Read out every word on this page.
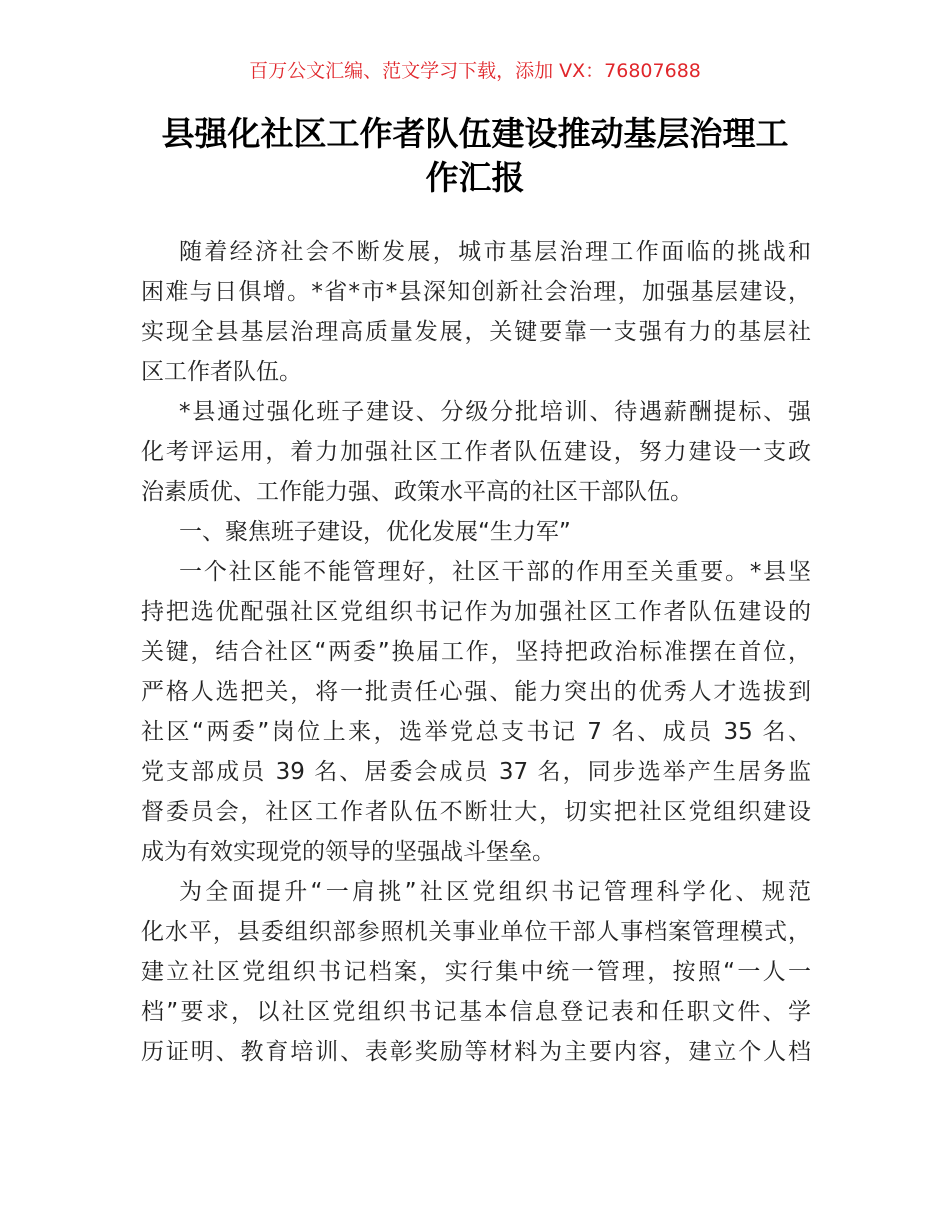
百万公文汇编、范文学习下载，添加 VX：76807688
县强化社区工作者队伍建设推动基层治理工
作汇报
随着经济社会不断发展，城市基层治理工作面临的挑战和
困难与日俱增。*省*市*县深知创新社会治理，加强基层建设，
实现全县基层治理高质量发展，关键要靠一支强有力的基层社
区工作者队伍。
*县通过强化班子建设、分级分批培训、待遇薪酬提标、强
化考评运用，着力加强社区工作者队伍建设，努力建设一支政
治素质优、工作能力强、政策水平高的社区干部队伍。
一、聚焦班子建设，优化发展“生力军”
一个社区能不能管理好，社区干部的作用至关重要。*县坚
持把选优配强社区党组织书记作为加强社区工作者队伍建设的
关键，结合社区“两委”换届工作，坚持把政治标准摆在首位，
严格人选把关，将一批责任心强、能力突出的优秀人才选拔到
社区“两委”岗位上来，选举党总支书记 7 名、成员 35 名、
党支部成员 39 名、居委会成员 37 名，同步选举产生居务监
督委员会，社区工作者队伍不断壮大，切实把社区党组织建设
成为有效实现党的领导的坚强战斗堡垒。
为全面提升“一肩挑”社区党组织书记管理科学化、规范
化水平，县委组织部参照机关事业单位干部人事档案管理模式，
建立社区党组织书记档案，实行集中统一管理，按照“一人一
档”要求，以社区党组织书记基本信息登记表和任职文件、学
历证明、教育培训、表彰奖励等材料为主要内容，建立个人档
